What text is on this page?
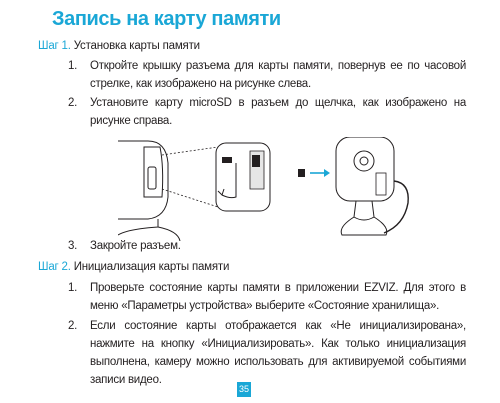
Запись на карту памяти
Шаг 1. Установка карты памяти
1.	Откройте крышку разъема для карты памяти, повернув ее по часовой стрелке, как изображено на рисунке слева.
2.	Установите карту microSD в разъем до щелчка, как изображено на рисунке справа.
3.	Закройте разъем.
Шаг 2. Инициализация карты памяти
1.	Проверьте состояние карты памяти в приложении EZVIZ. Для этого в меню «Параметры устройства» выберите «Состояние хранилища».
2.	Если состояние карты отображается как «Не инициализирована», нажмите на кнопку «Инициализировать». Как только инициализация выполнена, камеру можно использовать для активируемой событиями записи видео.
35
